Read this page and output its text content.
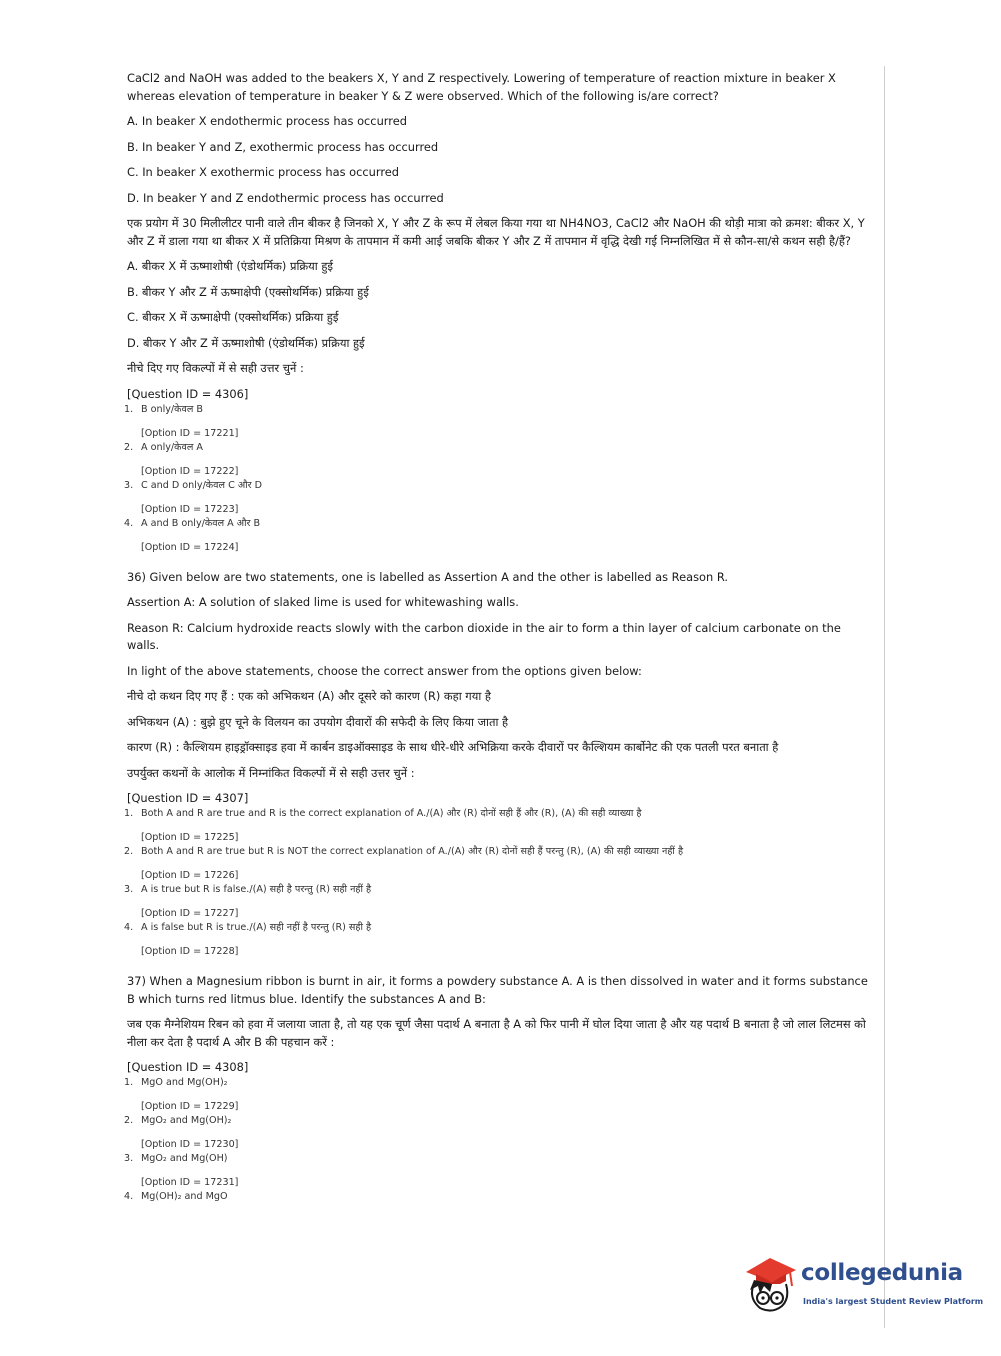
CaCl2 and NaOH was added to the beakers X, Y and Z respectively. Lowering of temperature of reaction mixture in beaker X whereas elevation of temperature in beaker Y & Z were observed. Which of the following is/are correct?

A. In beaker X endothermic process has occurred

B. In beaker Y and Z, exothermic process has occurred

C. In beaker X exothermic process has occurred

D. In beaker Y and Z endothermic process has occurred

एक प्रयोग में 30 मिलीलीटर पानी वाले तीन बीकर है जिनको X, Y और Z के रूप में लेबल किया गया था NH4NO3, CaCl2 और NaOH की थोड़ी मात्रा को क्रमश: बीकर X, Y और Z में डाला गया था बीकर X में प्रतिक्रिया मिश्रण के तापमान में कमी आई जबकि बीकर Y और Z में तापमान में वृद्धि देखी गई निम्नलिखित में से कौन-सा/से कथन सही है/हैं?

A. बीकर X में ऊष्माशोषी (एंडोथर्मिक) प्रक्रिया हुई

B. बीकर Y और Z में ऊष्माक्षेपी (एक्सोथर्मिक) प्रक्रिया हुई

C. बीकर X में ऊष्माक्षेपी (एक्सोथर्मिक) प्रक्रिया हुई

D. बीकर Y और Z में ऊष्माशोषी (एंडोथर्मिक) प्रक्रिया हुई

नीचे दिए गए विकल्पों में से सही उत्तर चुनें :

[Question ID = 4306]

1. B only/केवल B
[Option ID = 17221]
2. A only/केवल A
[Option ID = 17222]
3. C and D only/केवल C और D
[Option ID = 17223]
4. A and B only/केवल A और B
[Option ID = 17224]

36) Given below are two statements, one is labelled as Assertion A and the other is labelled as Reason R.

Assertion A: A solution of slaked lime is used for whitewashing walls.

Reason R: Calcium hydroxide reacts slowly with the carbon dioxide in the air to form a thin layer of calcium carbonate on the walls.

In light of the above statements, choose the correct answer from the options given below:

नीचे दो कथन दिए गए हैं : एक को अभिकथन (A) और दूसरे को कारण (R) कहा गया है

अभिकथन (A) : बुझे हुए चूने के विलयन का उपयोग दीवारों की सफेदी के लिए किया जाता है

कारण (R) : कैल्शियम हाइड्रॉक्साइड हवा में कार्बन डाइऑक्साइड के साथ धीरे-धीरे अभिक्रिया करके दीवारों पर कैल्शियम कार्बोनेट की एक पतली परत बनाता है

उपर्युक्त कथनों के आलोक में निम्नांकित विकल्पों में से सही उत्तर चुनें :

[Question ID = 4307]

1. Both A and R are true and R is the correct explanation of A./(A) और (R) दोनों सही हैं और (R), (A) की सही व्याख्या है
[Option ID = 17225]
2. Both A and R are true but R is NOT the correct explanation of A./(A) और (R) दोनों सही हैं परन्तु (R), (A) की सही व्याख्या नहीं है
[Option ID = 17226]
3. A is true but R is false./(A) सही है परन्तु (R) सही नहीं है
[Option ID = 17227]
4. A is false but R is true./(A) सही नहीं है परन्तु (R) सही है
[Option ID = 17228]

37) When a Magnesium ribbon is burnt in air, it forms a powdery substance A. A is then dissolved in water and it forms substance B which turns red litmus blue. Identify the substances A and B:

जब एक मैग्नेशियम रिबन को हवा में जलाया जाता है, तो यह एक चूर्ण जैसा पदार्थ A बनाता है A को फिर पानी में घोल दिया जाता है और यह पदार्थ B बनाता है जो लाल लिटमस को नीला कर देता है पदार्थ A और B की पहचान करें :

[Question ID = 4308]

1. MgO and Mg(OH)₂
[Option ID = 17229]
2. MgO₂ and Mg(OH)₂
[Option ID = 17230]
3. MgO₂ and Mg(OH)
[Option ID = 17231]
4. Mg(OH)₂ and MgO
collegedunia
India's largest Student Review Platform
